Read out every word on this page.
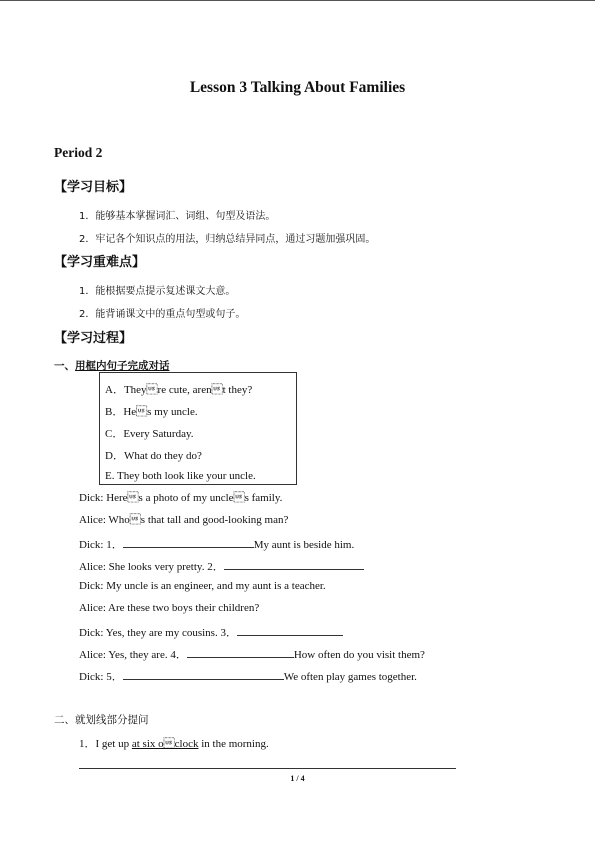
Lesson 3 Talking About Families
Period 2
【学习目标】
1．能够基本掌握词汇、词组、句型及语法。
2．牢记各个知识点的用法，归纳总结异同点，通过习题加强巩固。
【学习重难点】
1．能根据要点提示复述课文大意。
2．能背诵课文中的重点句型或句子。
【学习过程】
一、用框内句子完成对话
A．Theyre cute, arent they?
B．Hes my uncle.
C．Every Saturday.
D．What do they do?
E. They both look like your uncle.
Dick: Heres a photo of my uncles family.
Alice: Whos that tall and good-looking man?
Dick: 1．	My aunt is beside him.
Alice: She looks very pretty. 2．
Dick: My uncle is an engineer, and my aunt is a teacher.
Alice: Are these two boys their children?
Dick: Yes, they are my cousins. 3．
Alice: Yes, they are. 4．	How often do you visit them?
Dick: 5．	We often play games together.
二、就划线部分提问
1．I get up at six oclock in the morning.
1 / 4
